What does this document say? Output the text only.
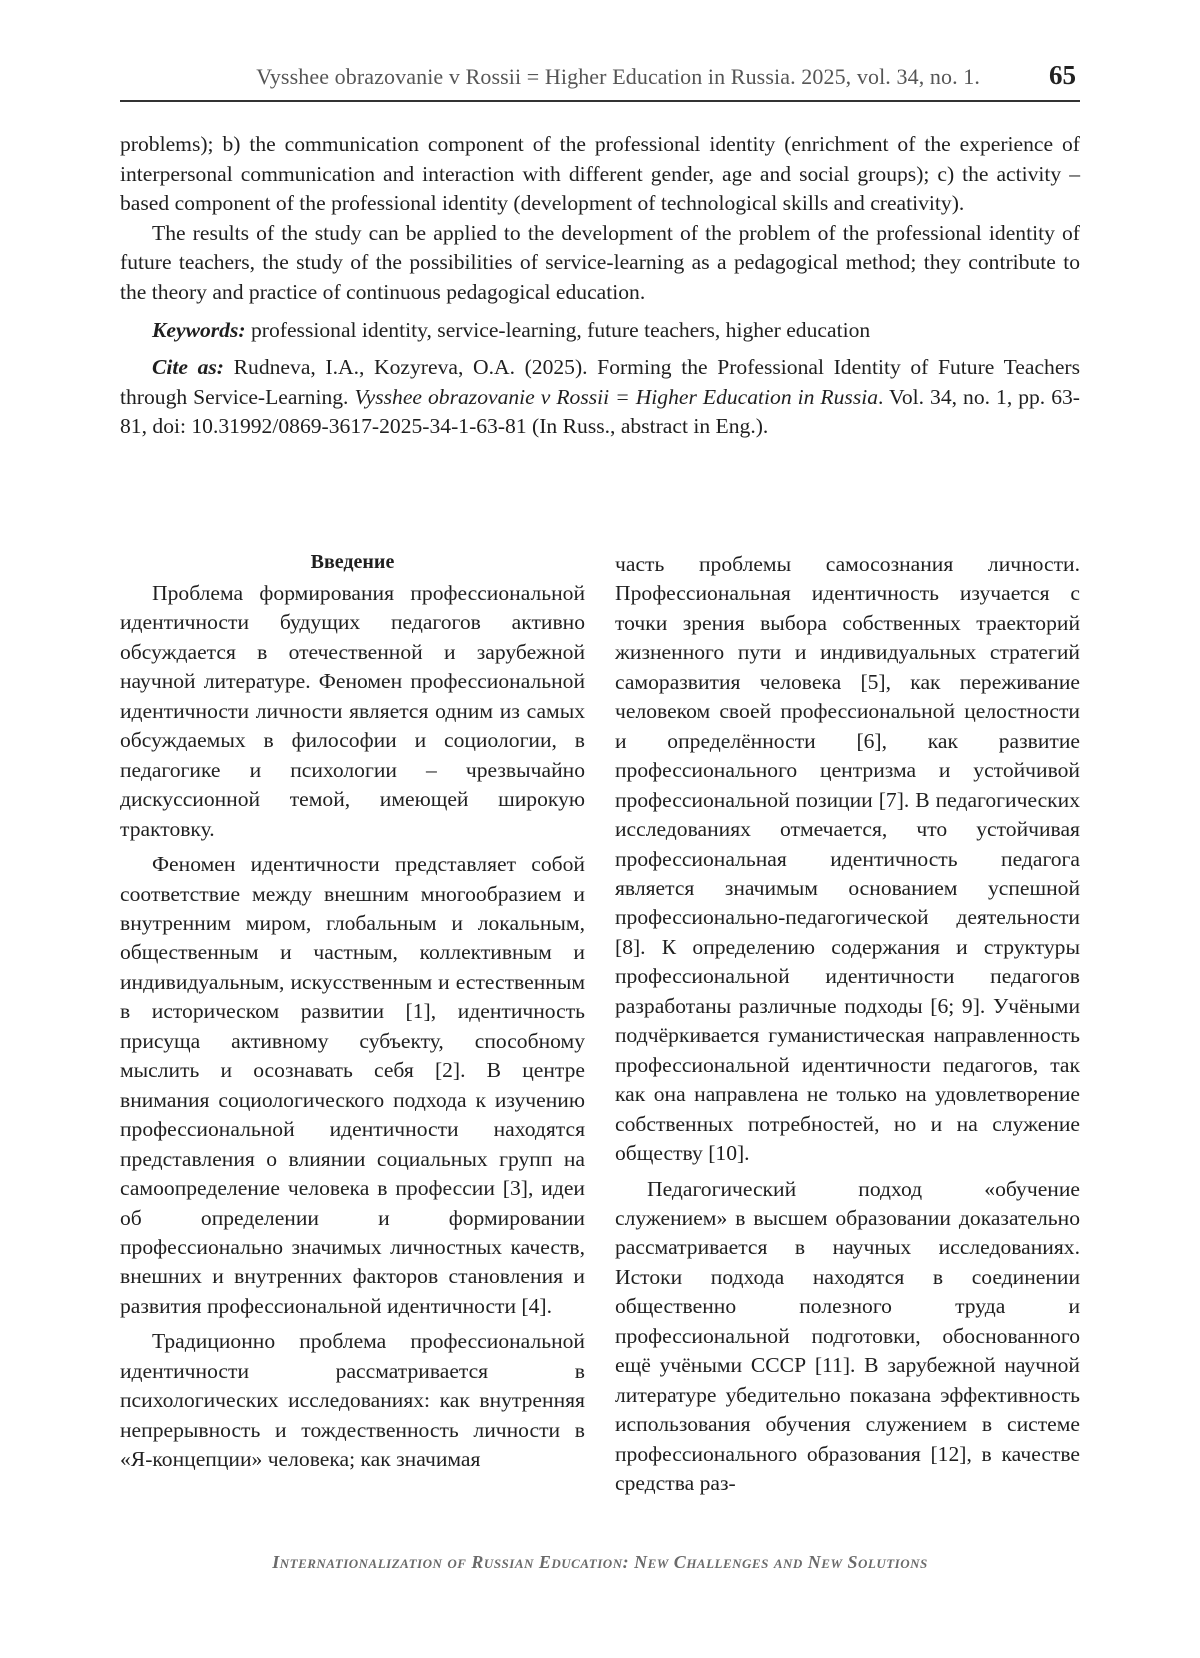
Vysshee obrazovanie v Rossii = Higher Education in Russia. 2025, vol. 34, no. 1.	65

problems); b) the communication component of the professional identity (enrichment of the experience of interpersonal communication and interaction with different gender, age and social groups); c) the activity – based component of the professional identity (development of technological skills and creativity).

The results of the study can be applied to the development of the problem of the professional identity of future teachers, the study of the possibilities of service-learning as a pedagogical method; they contribute to the theory and practice of continuous pedagogical education.

Keywords: professional identity, service-learning, future teachers, higher education

Cite as: Rudneva, I.A., Kozyreva, O.A. (2025). Forming the Professional Identity of Future Teachers through Service-Learning. Vysshee obrazovanie v Rossii = Higher Education in Russia. Vol. 34, no. 1, pp. 63-81, doi: 10.31992/0869-3617-2025-34-1-63-81 (In Russ., abstract in Eng.).

Введение

Проблема формирования профессиональной идентичности будущих педагогов активно обсуждается в отечественной и зарубежной научной литературе. Феномен профессиональной идентичности личности является одним из самых обсуждаемых в философии и социологии, в педагогике и психологии – чрезвычайно дискуссионной темой, имеющей широкую трактовку.

Феномен идентичности представляет собой соответствие между внешним многообразием и внутренним миром, глобальным и локальным, общественным и частным, коллективным и индивидуальным, искусственным и естественным в историческом развитии [1], идентичность присуща активному субъекту, способному мыслить и осознавать себя [2]. В центре внимания социологического подхода к изучению профессиональной идентичности находятся представления о влиянии социальных групп на самоопределение человека в профессии [3], идеи об определении и формировании профессионально значимых личностных качеств, внешних и внутренних факторов становления и развития профессиональной идентичности [4].

Традиционно проблема профессиональной идентичности рассматривается в психологических исследованиях: как внутренняя непрерывность и тождественность личности в «Я-концепции» человека; как значимая

часть проблемы самосознания личности. Профессиональная идентичность изучается с точки зрения выбора собственных траекторий жизненного пути и индивидуальных стратегий саморазвития человека [5], как переживание человеком своей профессиональной целостности и определённости [6], как развитие профессионального центризма и устойчивой профессиональной позиции [7]. В педагогических исследованиях отмечается, что устойчивая профессиональная идентичность педагога является значимым основанием успешной профессионально-педагогической деятельности [8]. К определению содержания и структуры профессиональной идентичности педагогов разработаны различные подходы [6; 9]. Учёными подчёркивается гуманистическая направленность профессиональной идентичности педагогов, так как она направлена не только на удовлетворение собственных потребностей, но и на служение обществу [10].

Педагогический подход «обучение служением» в высшем образовании доказательно рассматривается в научных исследованиях. Истоки подхода находятся в соединении общественно полезного труда и профессиональной подготовки, обоснованного ещё учёными СССР [11]. В зарубежной научной литературе убедительно показана эффективность использования обучения служением в системе профессионального образования [12], в качестве средства раз-

Internationalization of Russian Education: New Challenges and New Solutions
